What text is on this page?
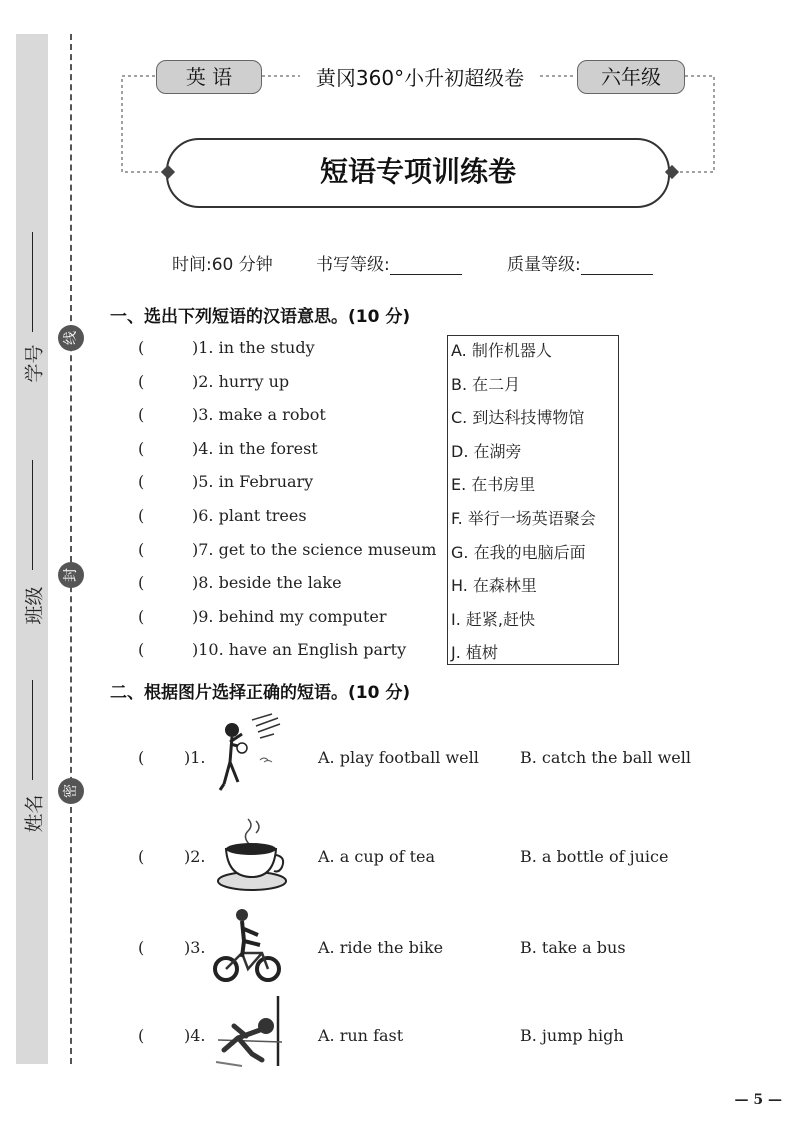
学号
班级
姓名
线
封
密
英 语	黄冈360°小升初超级卷	六年级
短语专项训练卷
时间:60 分钟	书写等级:	质量等级:
一、选出下列短语的汉语意思。(10 分)
(	)1. in the study
(	)2. hurry up
(	)3. make a robot
(	)4. in the forest
(	)5. in February
(	)6. plant trees
(	)7. get to the science museum
(	)8. beside the lake
(	)9. behind my computer
(	)10. have an English party
A. 制作机器人
B. 在二月
C. 到达科技博物馆
D. 在湖旁
E. 在书房里
F. 举行一场英语聚会
G. 在我的电脑后面
H. 在森林里
I. 赶紧,赶快
J. 植树
二、根据图片选择正确的短语。(10 分)
( )1.	A. play football well	B. catch the ball well
( )2.	A. a cup of tea	B. a bottle of juice
( )3.	A. ride the bike	B. take a bus
( )4.	A. run fast	B. jump high
— 5 —
